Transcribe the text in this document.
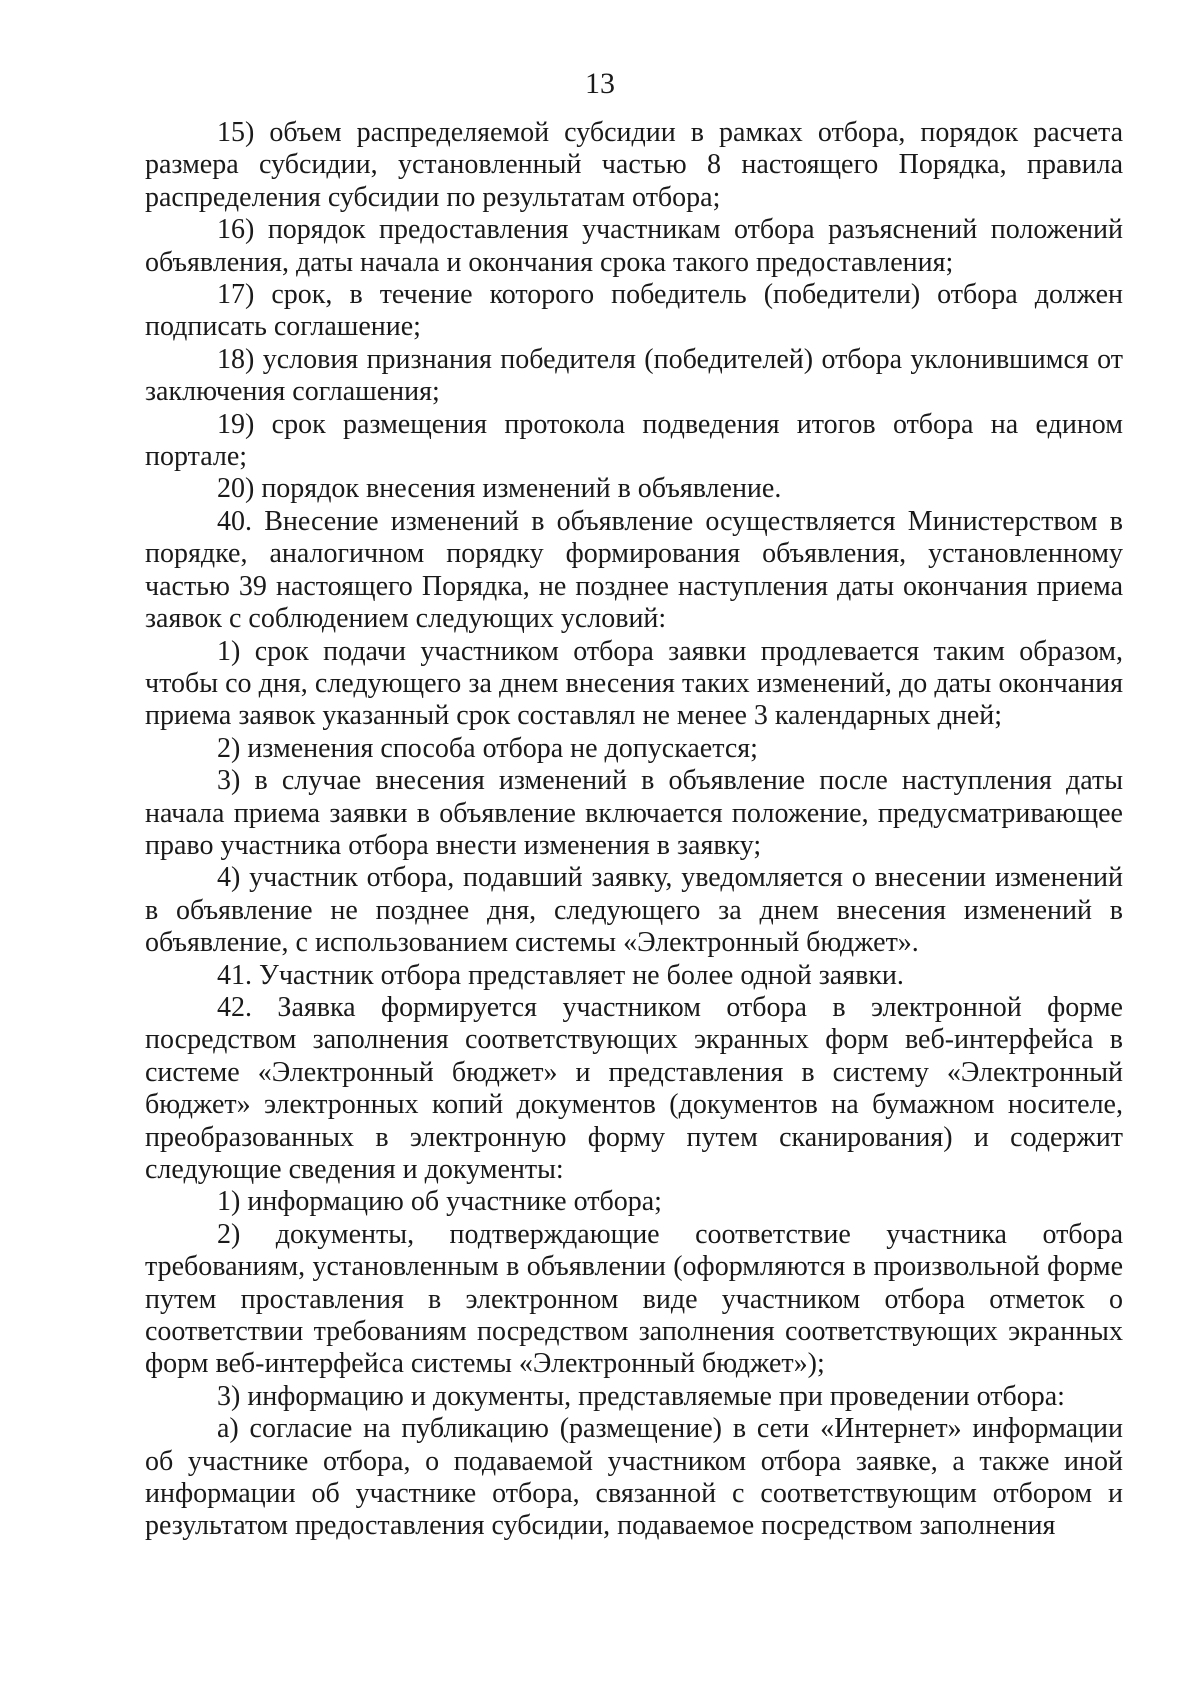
13

15) объем распределяемой субсидии в рамках отбора, порядок расчета размера субсидии, установленный частью 8 настоящего Порядка, правила распределения субсидии по результатам отбора;

16) порядок предоставления участникам отбора разъяснений положений объявления, даты начала и окончания срока такого предоставления;

17) срок, в течение которого победитель (победители) отбора должен подписать соглашение;

18) условия признания победителя (победителей) отбора уклонившимся от заключения соглашения;

19) срок размещения протокола подведения итогов отбора на едином портале;

20) порядок внесения изменений в объявление.

40. Внесение изменений в объявление осуществляется Министерством в порядке, аналогичном порядку формирования объявления, установленному частью 39 настоящего Порядка, не позднее наступления даты окончания приема заявок с соблюдением следующих условий:

1) срок подачи участником отбора заявки продлевается таким образом, чтобы со дня, следующего за днем внесения таких изменений, до даты окончания приема заявок указанный срок составлял не менее 3 календарных дней;

2) изменения способа отбора не допускается;

3) в случае внесения изменений в объявление после наступления даты начала приема заявки в объявление включается положение, предусматривающее право участника отбора внести изменения в заявку;

4) участник отбора, подавший заявку, уведомляется о внесении изменений в объявление не позднее дня, следующего за днем внесения изменений в объявление, с использованием системы «Электронный бюджет».

41. Участник отбора представляет не более одной заявки.

42. Заявка формируется участником отбора в электронной форме посредством заполнения соответствующих экранных форм веб-интерфейса в системе «Электронный бюджет» и представления в систему «Электронный бюджет» электронных копий документов (документов на бумажном носителе, преобразованных в электронную форму путем сканирования) и содержит следующие сведения и документы:

1) информацию об участнике отбора;

2) документы, подтверждающие соответствие участника отбора требованиям, установленным в объявлении (оформляются в произвольной форме путем проставления в электронном виде участником отбора отметок о соответствии требованиям посредством заполнения соответствующих экранных форм веб-интерфейса системы «Электронный бюджет»);

3) информацию и документы, представляемые при проведении отбора:

а) согласие на публикацию (размещение) в сети «Интернет» информации об участнике отбора, о подаваемой участником отбора заявке, а также иной информации об участнике отбора, связанной с соответствующим отбором и результатом предоставления субсидии, подаваемое посредством заполнения
